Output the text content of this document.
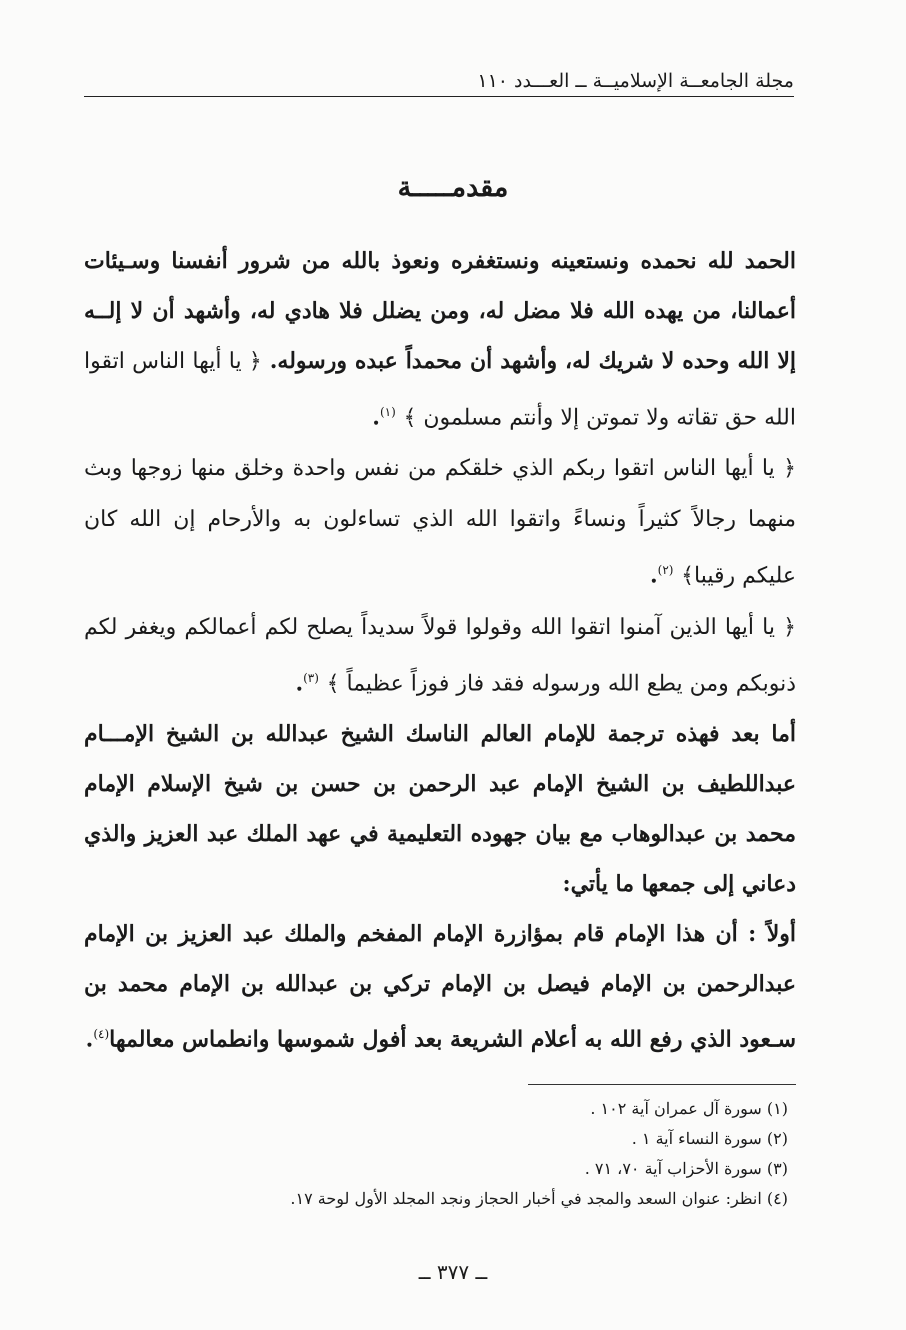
مجلة الجامعــة الإسلاميــة ــ العـــدد ١١٠
مقدمـــــة

الحمد لله نحمده ونستعينه ونستغفره ونعوذ بالله من شرور أنفسنا وسـيئات أعمالنا، من يهده الله فلا مضل له، ومن يضلل فلا هادي له، وأشهد أن لا إلــه إلا الله وحده لا شريك له، وأشهد أن محمداً عبده ورسوله. ﴿ يا أيها الناس اتقوا الله حق تقاته ولا تموتن إلا وأنتم مسلمون ﴾ $^{(١)}$.

﴿ يا أيها الناس اتقوا ربكم الذي خلقكم من نفس واحدة وخلق منها زوجها وبث منهما رجالاً كثيراً ونساءً واتقوا الله الذي تساءلون به والأرحام إن الله كان عليكم رقيبا﴾ $^{(٢)}$.

﴿ يا أيها الذين آمنوا اتقوا الله وقولوا قولاً سديداً يصلح لكم أعمالكم ويغفر لكم ذنوبكم ومن يطع الله ورسوله فقد فاز فوزاً عظيماً ﴾ $^{(٣)}$.

أما بعد فهذه ترجمة للإمام العالم الناسك الشيخ عبدالله بن الشيخ الإمـــام عبداللطيف بن الشيخ الإمام عبد الرحمن بن حسن بن شيخ الإسلام الإمام محمد بن عبدالوهاب مع بيان جهوده التعليمية في عهد الملك عبد العزيز والذي دعاني إلى جمعها ما يأتي:

أولاً : أن هذا الإمام قام بمؤازرة الإمام المفخم والملك عبد العزيز بن الإمام عبدالرحمن بن الإمام فيصل بن الإمام تركي بن عبدالله بن الإمام محمد بن سـعود الذي رفع الله به أعلام الشريعة بعد أفول شموسها وانطماس معالمها$^{(٤)}$.

(١) سورة آل عمران آية ١٠٢ .
(٢) سورة النساء آية ١ .
(٣) سورة الأحزاب آية ٧٠، ٧١ .
(٤) انظر: عنوان السعد والمجد في أخبار الحجاز ونجد المجلد الأول لوحة ١٧.
ــ ٣٧٧ ــ
